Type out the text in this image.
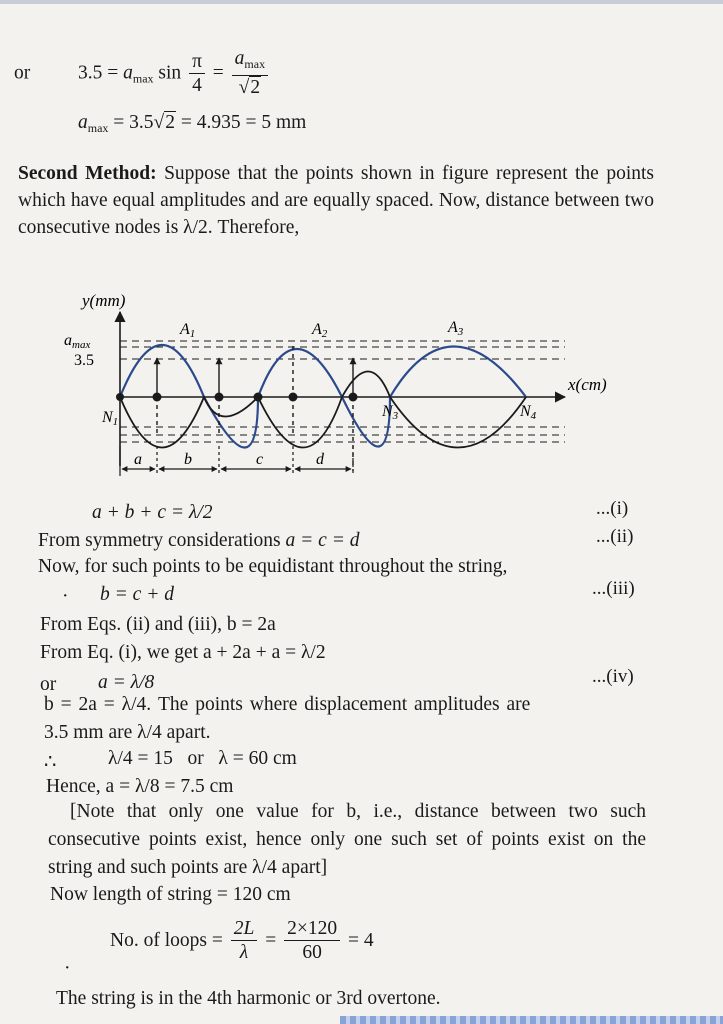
or $3.5 = a_{max}$ $\sin \frac{\pi}{4} = \frac{a_{max}}{√2}$
$a_{max} = 3.5√2 = 4.935 = 5$ mm
Second Method: Suppose that the points shown in figure represent the points which have equal amplitudes and are equally spaced. Now, distance between two consecutive nodes is λ/2. Therefore,
y(mm)
x(cm)
amax
3.5
A1	A2	A3
N1
N3	N4
a	b	c	d
a + b + c = λ/2	...(i)
From symmetry considerations a = c = d	...(ii)
Now, for such points to be equidistant throughout the string,
· b = c + d	...(iii)
From Eqs. (ii) and (iii), b = 2a
From Eq. (i), we get a + 2a + a = λ/2
or a = λ/8	...(iv)
b = 2a = λ/4. The points where displacement amplitudes are
3.5 mm are λ/4 apart.
∴	λ/4 = 15   or   λ = 60 cm
Hence, a = λ/8 = 7.5 cm
[Note that only one value for b, i.e., distance between two such consecutive points exist, hence only one such set of points exist on the string and such points are λ/4 apart]
Now length of string = 120 cm
No. of loops = $\frac{2L}{\lambda} = \frac{2\times 120}{60} = 4$
·
The string is in the 4th harmonic or 3rd overtone.
